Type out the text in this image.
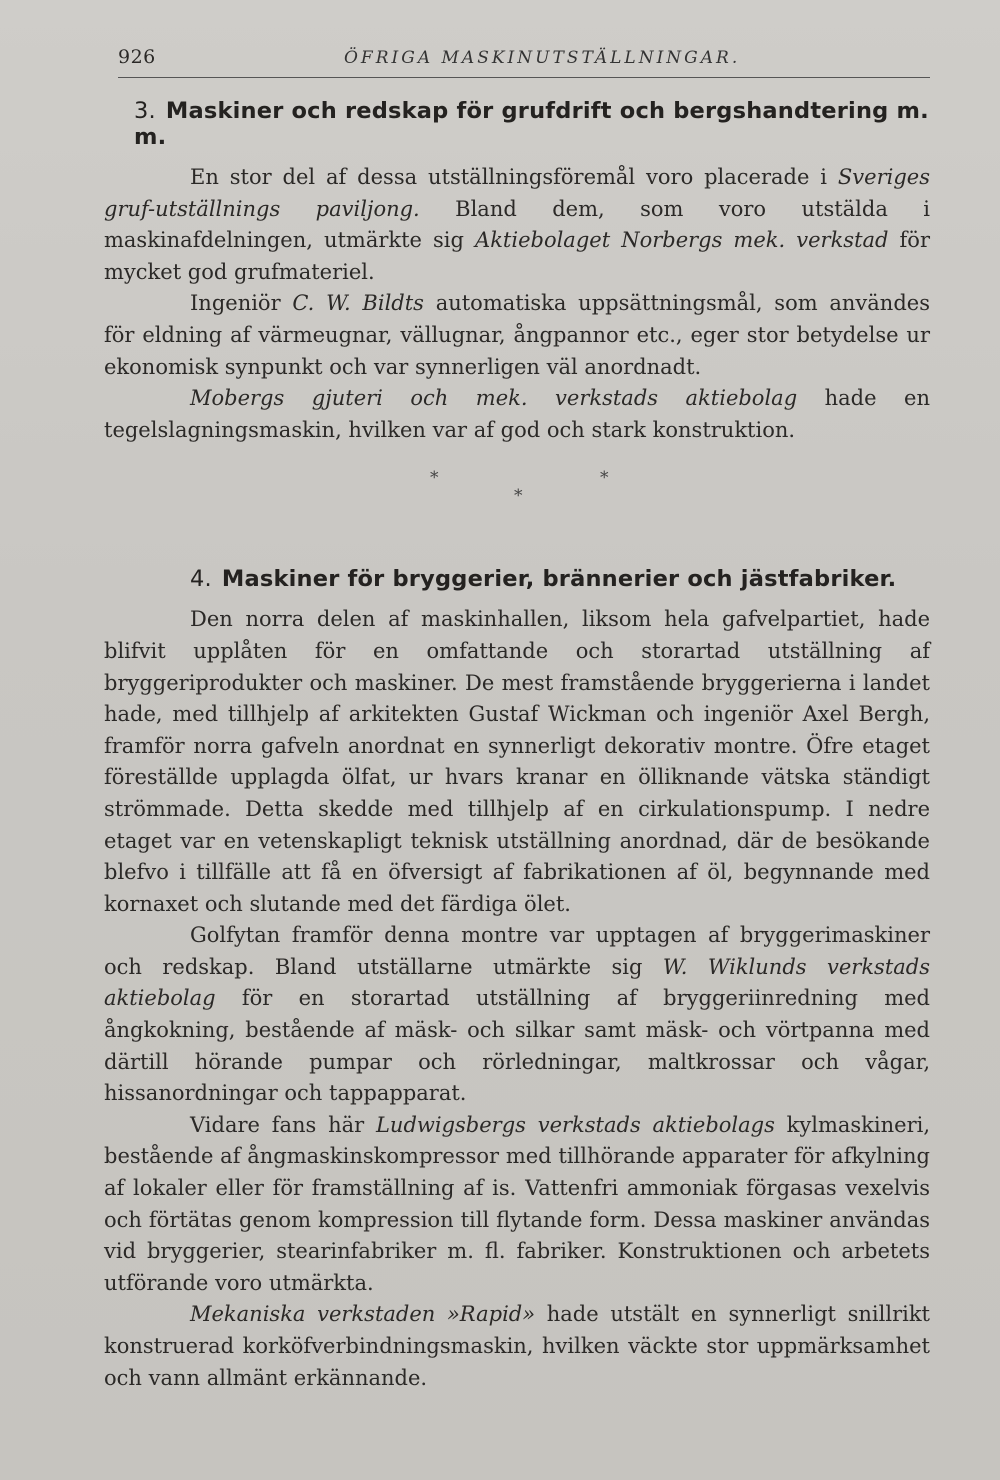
926	ÖFRIGA MASKINUTSTÄLLNINGAR.
3. Maskiner och redskap för grufdrift och bergshandtering m. m.

En stor del af dessa utställningsföremål voro placerade i Sveriges gruf-utställnings paviljong. Bland dem, som voro utstälda i maskinafdelningen, utmärkte sig Aktiebolaget Norbergs mek. verkstad för mycket god grufmateriel.

Ingeniör C. W. Bildts automatiska uppsättningsmål, som användes för eldning af värmeugnar, vällugnar, ångpannor etc., eger stor betydelse ur ekonomisk synpunkt och var synnerligen väl anordnadt.

Mobergs gjuteri och mek. verkstads aktiebolag hade en tegelslagningsmaskin, hvilken var af god och stark konstruktion.

*	*
*
4. Maskiner för bryggerier, brännerier och jästfabriker.

Den norra delen af maskinhallen, liksom hela gafvelpartiet, hade blifvit upplåten för en omfattande och storartad utställning af bryggeriprodukter och maskiner. De mest framstående bryggerierna i landet hade, med tillhjelp af arkitekten Gustaf Wickman och ingeniör Axel Bergh, framför norra gafveln anordnat en synnerligt dekorativ montre. Öfre etaget föreställde upplagda ölfat, ur hvars kranar en ölliknande vätska ständigt strömmade. Detta skedde med tillhjelp af en cirkulationspump. I nedre etaget var en vetenskapligt teknisk utställning anordnad, där de besökande blefvo i tillfälle att få en öfversigt af fabrikationen af öl, begynnande med kornaxet och slutande med det färdiga ölet.

Golfytan framför denna montre var upptagen af bryggerimaskiner och redskap. Bland utställarne utmärkte sig W. Wiklunds verkstads aktiebolag för en storartad utställning af bryggeriinredning med ångkokning, bestående af mäsk- och silkar samt mäsk- och vörtpanna med därtill hörande pumpar och rörledningar, maltkrossar och vågar, hissanordningar och tappapparat.

Vidare fans här Ludwigsbergs verkstads aktiebolags kylmaskineri, bestående af ångmaskinskompressor med tillhörande apparater för afkylning af lokaler eller för framställning af is. Vattenfri ammoniak förgasas vexelvis och förtätas genom kompression till flytande form. Dessa maskiner användas vid bryggerier, stearinfabriker m. fl. fabriker. Konstruktionen och arbetets utförande voro utmärkta.

Mekaniska verkstaden »Rapid» hade utstält en synnerligt snillrikt konstruerad korköfverbindningsmaskin, hvilken väckte stor uppmärksamhet och vann allmänt erkännande.
